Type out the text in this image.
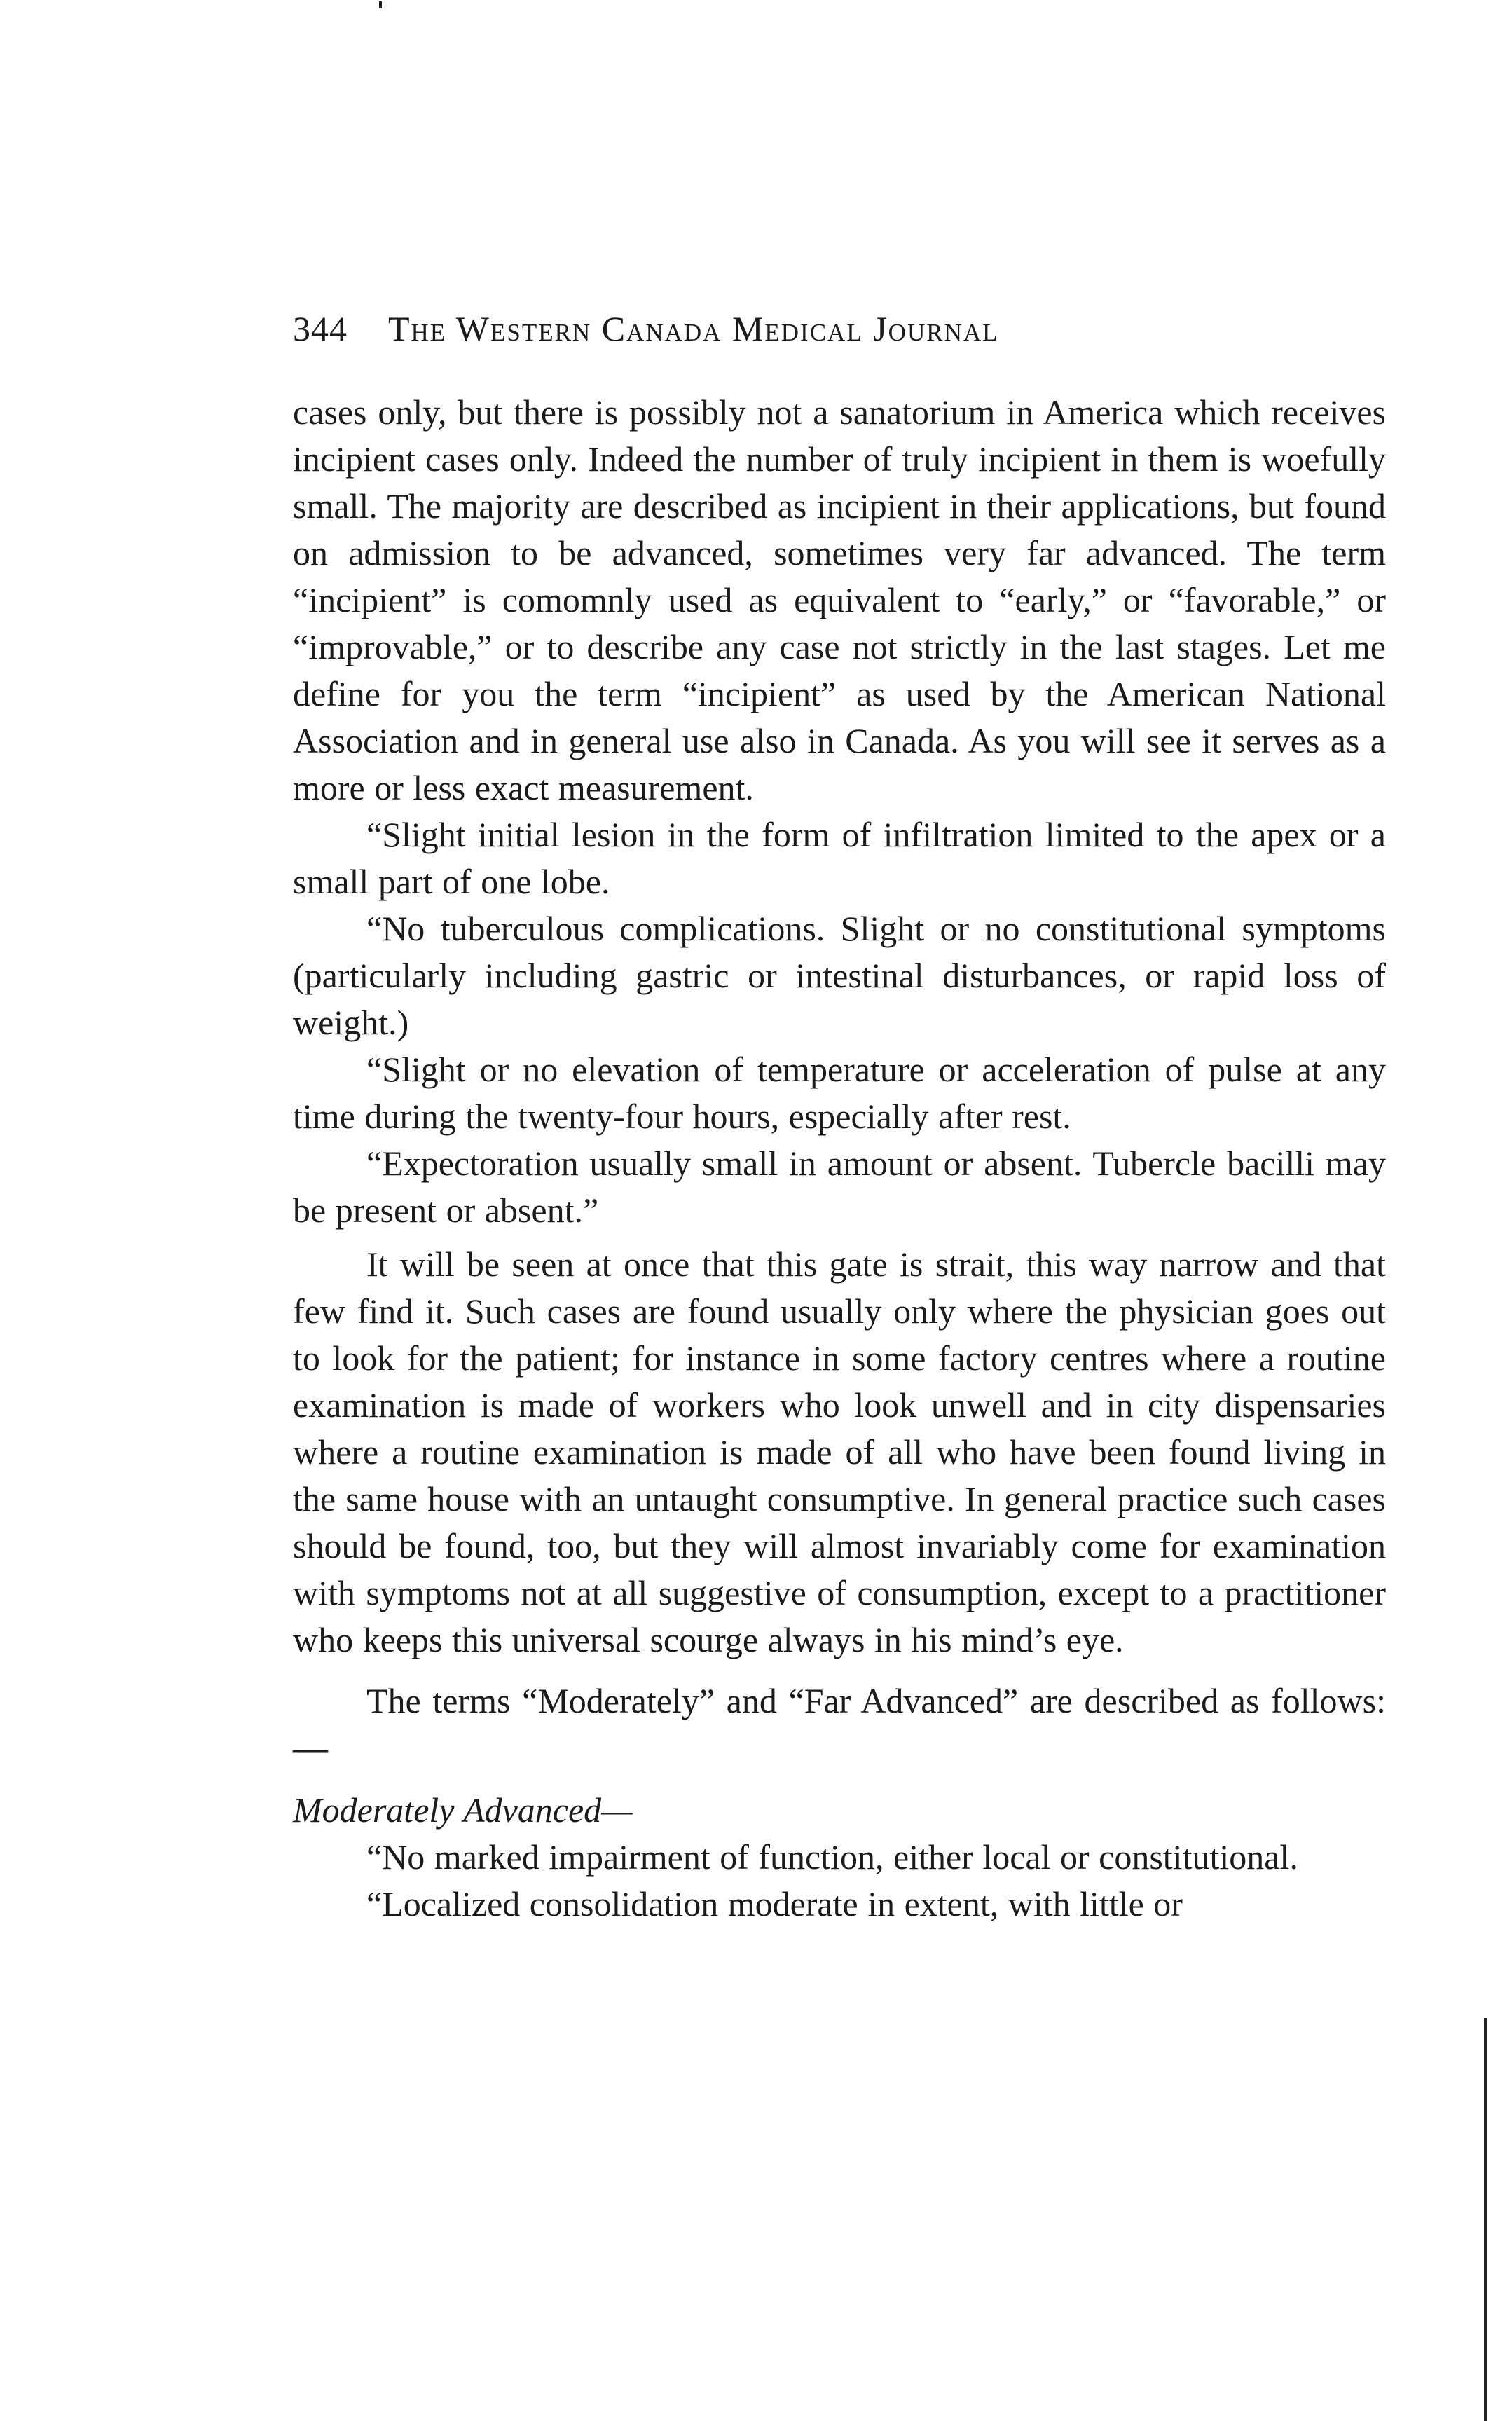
344 The Western Canada Medical Journal

cases only, but there is possibly not a sanatorium in America which receives incipient cases only. Indeed the number of truly incipient in them is woefully small. The majority are described as incipient in their applications, but found on admission to be advanced, sometimes very far advanced. The term “incipient” is comomnly used as equivalent to “early,” or “favorable,” or “improvable,” or to describe any case not strictly in the last stages. Let me define for you the term “incipient” as used by the American National Association and in general use also in Canada. As you will see it serves as a more or less exact measurement.

“Slight initial lesion in the form of infiltration limited to the apex or a small part of one lobe.

“No tuberculous complications. Slight or no constitutional symptoms (particularly including gastric or intestinal disturbances, or rapid loss of weight.)

“Slight or no elevation of temperature or acceleration of pulse at any time during the twenty-four hours, especially after rest.

“Expectoration usually small in amount or absent. Tubercle bacilli may be present or absent.”

It will be seen at once that this gate is strait, this way narrow and that few find it. Such cases are found usually only where the physician goes out to look for the patient; for instance in some factory centres where a routine examination is made of workers who look unwell and in city dispensaries where a routine examination is made of all who have been found living in the same house with an untaught consumptive. In general practice such cases should be found, too, but they will almost invariably come for examination with symptoms not at all suggestive of consumption, except to a practitioner who keeps this universal scourge always in his mind’s eye.

The terms “Moderately” and “Far Advanced” are described as follows:—

Moderately Advanced—

“No marked impairment of function, either local or constitutional.

“Localized consolidation moderate in extent, with little or
